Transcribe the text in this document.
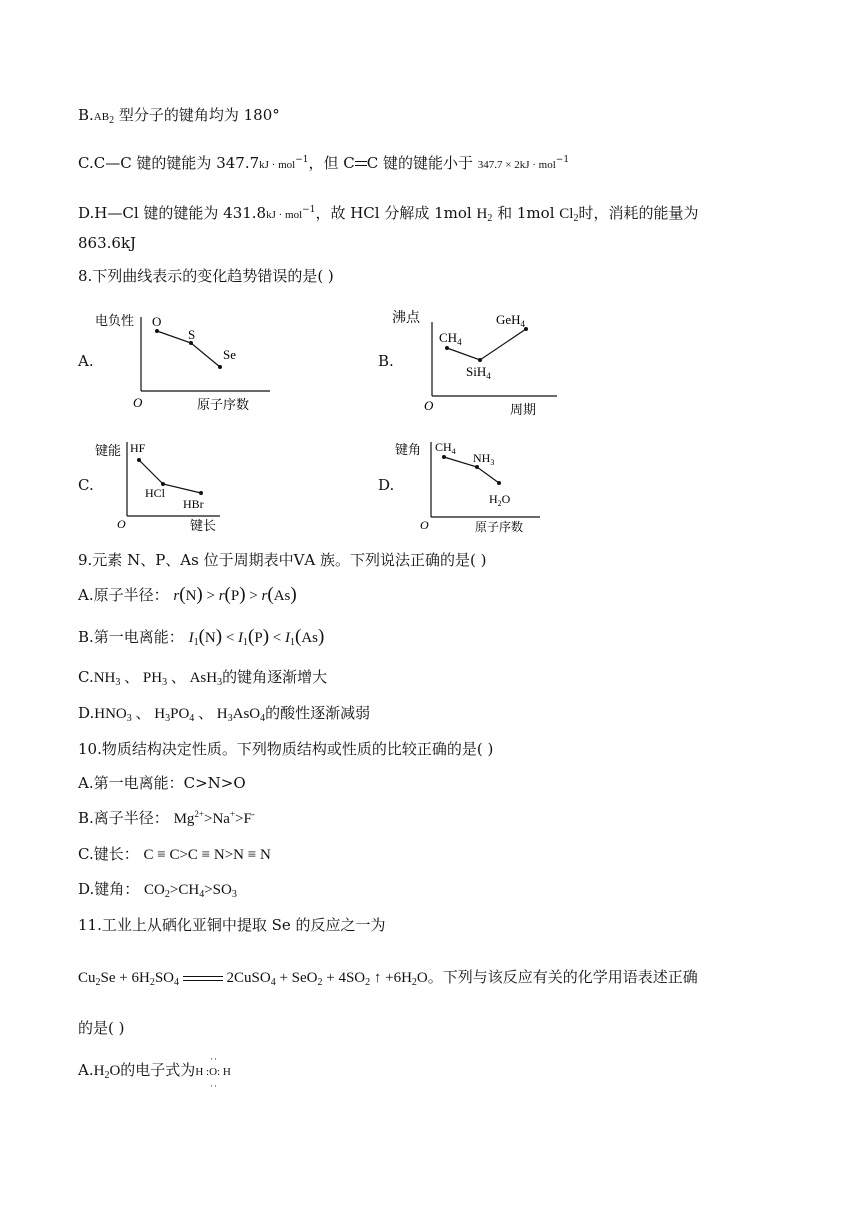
$B.AB_2$ 型分子的键角均为 180°
C.C—C 键的键能为 347.7kJ · mol$^{-1}$，但 C C 键的键能小于 347.7 × 2kJ · mol$^{-1}$
D.H—Cl 键的键能为 431.8kJ · mol$^{-1}$，故 HCl 分解成 1mol $H_2$ 和 1mol $Cl_2$时，消耗的能量为
863.6kJ
8.下列曲线表示的变化趋势错误的是( )
A.
电负性
O	原子序数
O
S
Se	B.
沸点
O	周期
$CH_4$
SiH$_4$
GeH$_4$
C.
键能
O	键长
HF
HCl
HBr
D.
键角
O	原子序数
$CH_4$ $NH_3$
$H_2O$
9.元素 N、P、As 位于周期表中ⅤA 族。下列说法正确的是( )
A.原子半径： r(N) > r(P) > r(As)
B.第一电离能： $I_1(N) < I_1(P) < I_1(As)$
$C.NH_3$ 、 $PH_3$ 、 AsH$_3$的键角逐渐增大
$D.HNO_3$ 、 $H_3PO_4$ 、 $H_3AsO_4$的酸性逐渐减弱
10.物质结构决定性质。下列物质结构或性质的比较正确的是( )
A.第一电离能：C>N>O
B.离子半径： $Mg^{2+}>Na^+>F^-$
C.键长： C ≡ C>C ≡ N>N ≡ N
D.键角： $CO_2>CH_4>SO_3$
11.工业上从硒化亚铜中提取 Se 的反应之一为
$Cu_2Se + 6H_2SO_4$	2CuSO$_4$ + $SeO_2 + 4SO_2$ ↑ $+6H_2O$。下列与该反应有关的化学用语表述正确
的是( )
$A.H_2O$的电子式为H :
··
O
··
: H
